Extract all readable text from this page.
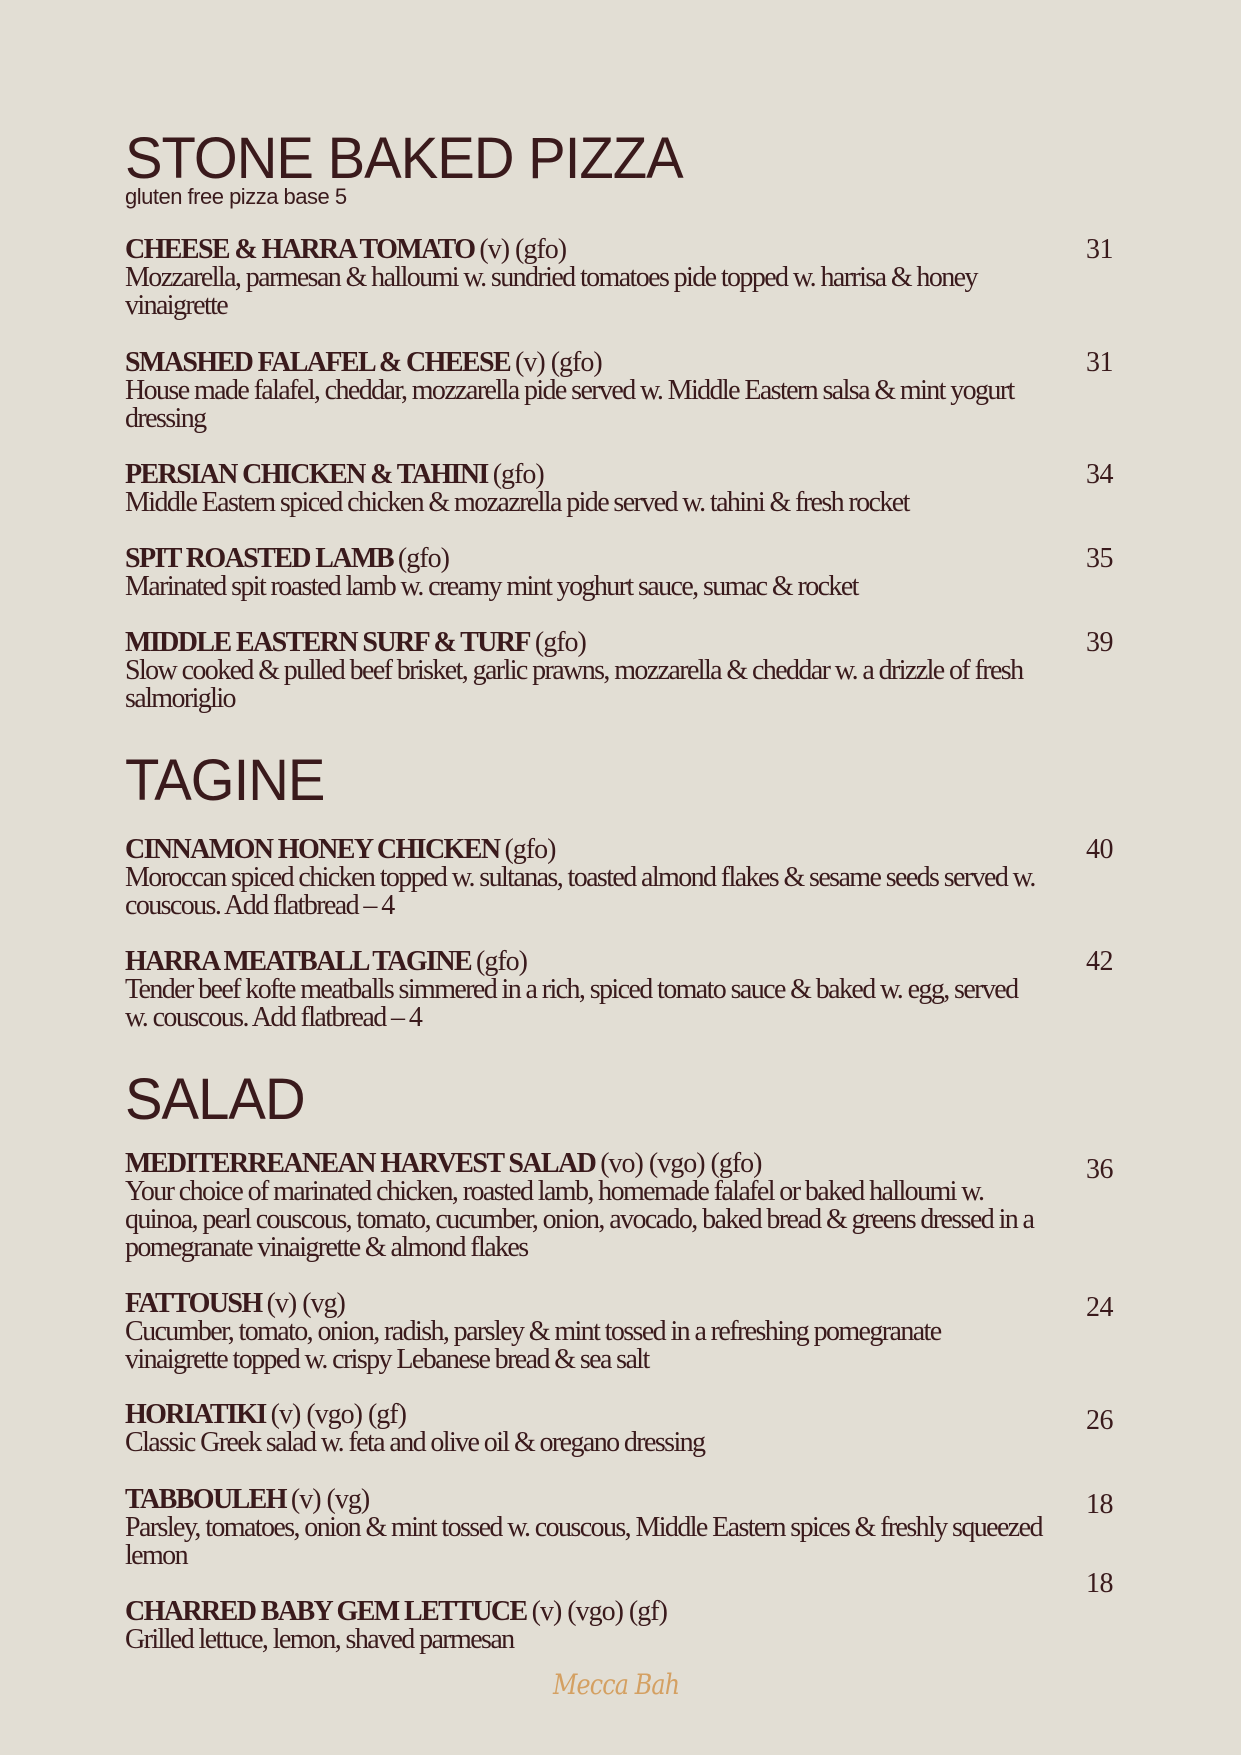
STONE BAKED PIZZA
gluten free pizza base 5
CHEESE & HARRA TOMATO (v) (gfo)
Mozzarella, parmesan & halloumi w. sundried tomatoes pide topped w. harrisa & honey vinaigrette
31
SMASHED FALAFEL & CHEESE (v) (gfo)
House made falafel, cheddar, mozzarella pide served w. Middle Eastern salsa & mint yogurt dressing
31
PERSIAN CHICKEN & TAHINI (gfo)
Middle Eastern spiced chicken & mozazrella pide served w. tahini & fresh rocket
34
SPIT ROASTED LAMB (gfo)
Marinated spit roasted lamb w. creamy mint yoghurt sauce, sumac & rocket
35
MIDDLE EASTERN SURF & TURF (gfo)
Slow cooked & pulled beef brisket, garlic prawns, mozzarella & cheddar w. a drizzle of fresh salmoriglio
39
TAGINE
CINNAMON HONEY CHICKEN (gfo)
Moroccan spiced chicken topped w. sultanas, toasted almond flakes & sesame seeds served w. couscous. Add flatbread – 4
40
HARRA MEATBALL TAGINE (gfo)
Tender beef kofte meatballs simmered in a rich, spiced tomato sauce & baked w. egg, served w. couscous. Add flatbread – 4
42
SALAD
MEDITERREANEAN HARVEST SALAD (vo) (vgo) (gfo)
Your choice of marinated chicken, roasted lamb, homemade falafel or baked halloumi w. quinoa, pearl couscous, tomato, cucumber, onion, avocado, baked bread & greens dressed in a pomegranate vinaigrette & almond flakes
36
FATTOUSH (v) (vg)
Cucumber, tomato, onion, radish, parsley & mint tossed in a refreshing pomegranate vinaigrette topped w. crispy Lebanese bread & sea salt
24
HORIATIKI (v) (vgo) (gf)
Classic Greek salad w. feta and olive oil & oregano dressing
26
TABBOULEH (v) (vg)
Parsley, tomatoes, onion & mint tossed w. couscous, Middle Eastern spices & freshly squeezed lemon
18
CHARRED BABY GEM LETTUCE (v) (vgo) (gf)
Grilled lettuce, lemon, shaved parmesan
18
Mecca Bah
